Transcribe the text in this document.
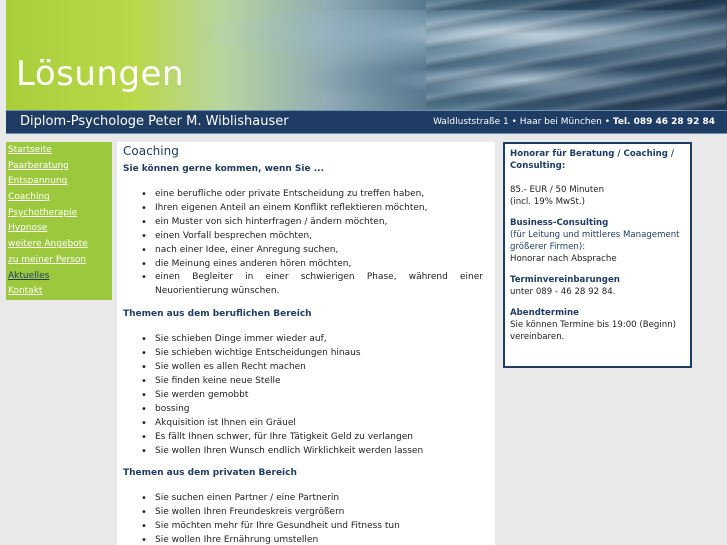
Lösungen
Diplom-Psychologe Peter M. Wiblishauser	Waldluststraße 1 • Haar bei München • Tel. 089 46 28 92 84
Startseite
Paarberatung
Entspannung
Coaching
Psychotherapie
Hypnose
weitere Angebote
zu meiner Person
Aktuelles
Kontakt
Coaching
Sie können gerne kommen, wenn Sie ...
• eine berufliche oder private Entscheidung zu treffen haben,
• Ihren eigenen Anteil an einem Konflikt reflektieren möchten,
• ein Muster von sich hinterfragen / ändern möchten,
• einen Vorfall besprechen möchten,
• nach einer Idee, einer Anregung suchen,
• die Meinung eines anderen hören möchten,
• einen Begleiter in einer schwierigen Phase, während einer Neuorientierung wünschen.
Themen aus dem beruflichen Bereich
• Sie schieben Dinge immer wieder auf,
• Sie schieben wichtige Entscheidungen hinaus
• Sie wollen es allen Recht machen
• Sie finden keine neue Stelle
• Sie werden gemobbt
• bossing
• Akquisition ist Ihnen ein Gräuel
• Es fällt Ihnen schwer, für Ihre Tätigkeit Geld zu verlangen
• Sie wollen Ihren Wunsch endlich Wirklichkeit werden lassen
Themen aus dem privaten Bereich
• Sie suchen einen Partner / eine Partnerin
• Sie wollen Ihren Freundeskreis vergrößern
• Sie möchten mehr für Ihre Gesundheit und Fitness tun
• Sie wollen Ihre Ernährung umstellen
Honorar für Beratung / Coaching / Consulting:
85.- EUR / 50 Minuten
(incl. 19% MwSt.)
Business-Consulting
(für Leitung und mittleres Management größerer Firmen):
Honorar nach Absprache
Terminvereinbarungen
unter 089 - 46 28 92 84.
Abendtermine
Sie können Termine bis 19:00 (Beginn) vereinbaren.
